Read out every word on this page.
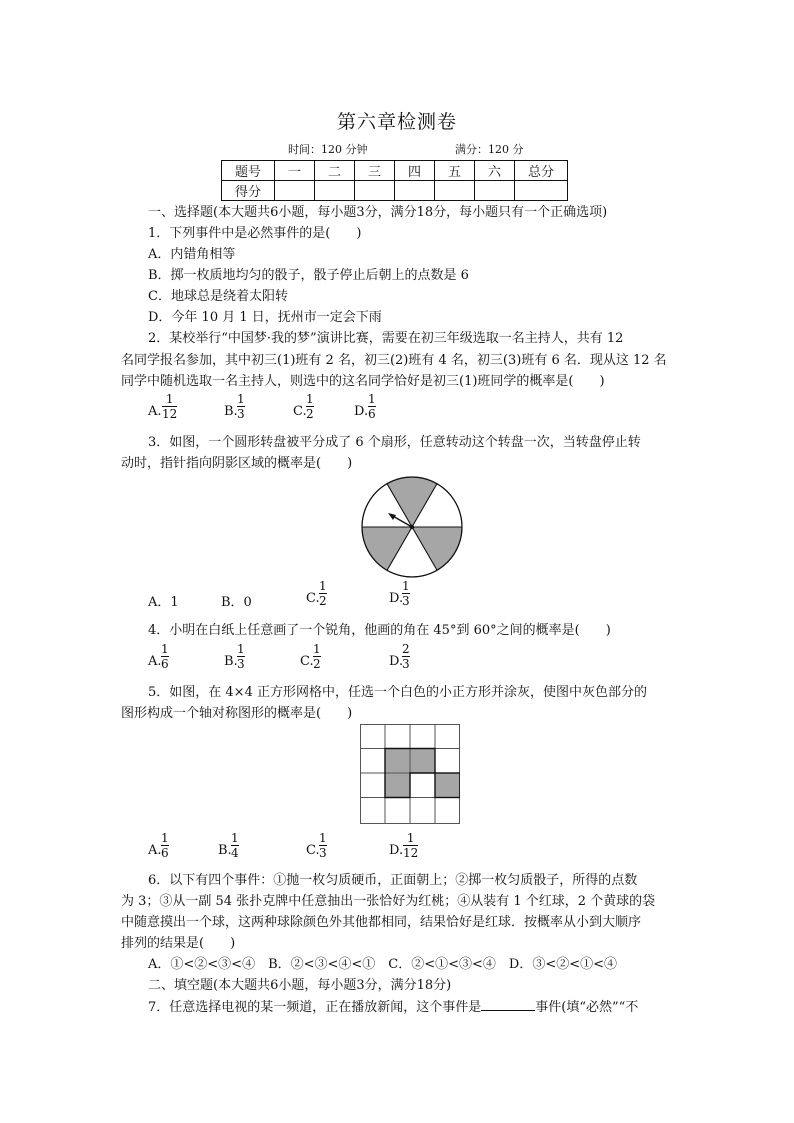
第六章检测卷
时间：120 分钟	满分：120 分
题号	一	二	三	四	五	六	总分
得分							
一、选择题(本大题共6小题，每小题3分，满分18分，每小题只有一个正确选项)
1．下列事件中是必然事件的是(　　)
A．内错角相等
B．掷一枚质地均匀的骰子，骰子停止后朝上的点数是 6
C．地球总是绕着太阳转
D．今年 10 月 1 日，抚州市一定会下雨
2．某校举行“中国梦·我的梦”演讲比赛，需要在初三年级选取一名主持人，共有 12
名同学报名参加，其中初三(1)班有 2 名，初三(2)班有 4 名，初三(3)班有 6 名．现从这 12 名
同学中随机选取一名主持人，则选中的这名同学恰好是初三(1)班同学的概率是(　　)
A.
1
12	B.
1
3	C.
1
2	D.
1
6
3．如图，一个圆形转盘被平分成了 6 个扇形，任意转动这个转盘一次，当转盘停止转
动时，指针指向阴影区域的概率是(　　)
A．1	B．0	C.
1
2	D.
1
3
4．小明在白纸上任意画了一个锐角，他画的角在 45°到 60°之间的概率是(　　)
A.
1
6	B.
1
3	C.
1
2	D.
2
3
5．如图，在 4×4 正方形网格中，任选一个白色的小正方形并涂灰，使图中灰色部分的
图形构成一个轴对称图形的概率是(　　)
A.
1
6	B.
1
4	C.
1
3	D.
1
12
6．以下有四个事件：①抛一枚匀质硬币，正面朝上；②掷一枚匀质骰子，所得的点数
为 3；③从一副 54 张扑克牌中任意抽出一张恰好为红桃；④从装有 1 个红球，2 个黄球的袋
中随意摸出一个球，这两种球除颜色外其他都相同，结果恰好是红球．按概率从小到大顺序
排列的结果是(　　)
A．①<②<③<④　B．②<③<④<①　C．②<①<③<④　D．③<②<①<④
二、填空题(本大题共6小题，每小题3分，满分18分)
7．任意选择电视的某一频道，正在播放新闻，这个事件是	事件(填“必然”“不
